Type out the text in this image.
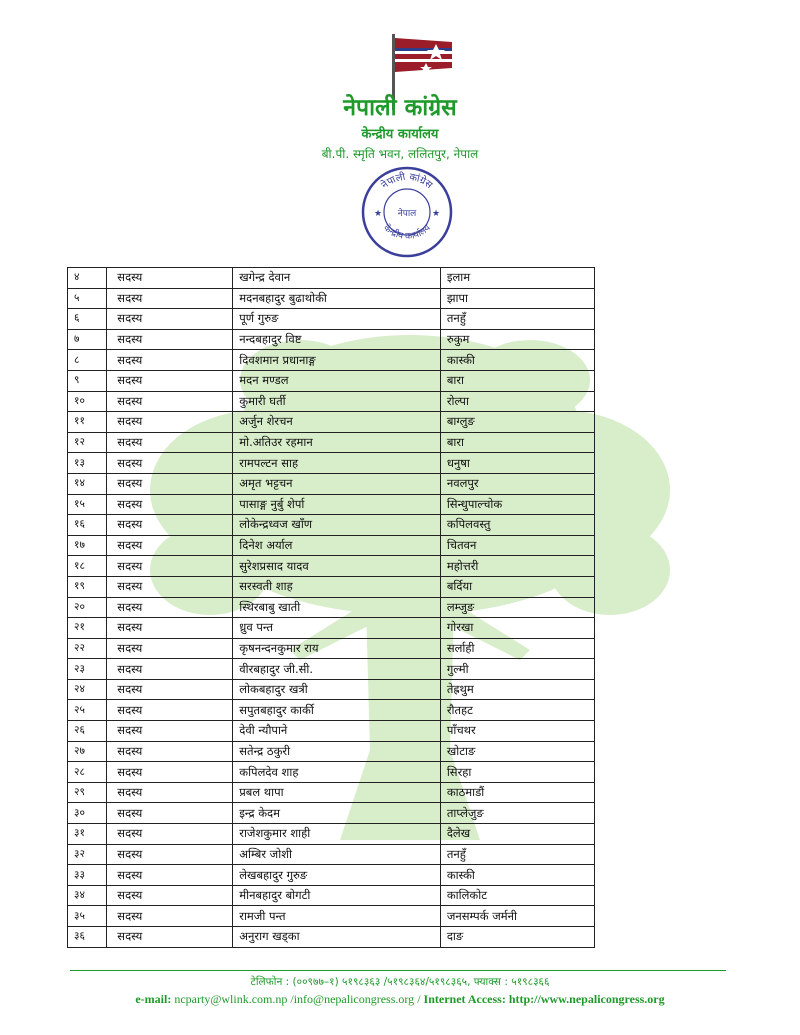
नेपाली कांग्रेस
केन्द्रीय कार्यालय
बी.पी. स्मृति भवन, ललितपुर, नेपाल
नेपाली कांग्रेस
केन्द्रीय कार्यालय
नेपाल
★	★
४	सदस्य	खगेन्द्र देवान	इलाम
५	सदस्य	मदनबहादुर बुढाथोकी	झापा
६	सदस्य	पूर्ण गुरुङ	तनहुँ
७	सदस्य	नन्दबहादुर विष्ट	रुकुम
८	सदस्य	दिवशमान प्रधानाङ्ग	कास्की
९	सदस्य	मदन मण्डल	बारा
१०	सदस्य	कुमारी घर्ती	रोल्पा
११	सदस्य	अर्जुन शेरचन	बाग्लुङ
१२	सदस्य	मो.अतिउर रहमान	बारा
१३	सदस्य	रामपल्टन साह	धनुषा
१४	सदस्य	अमृत भट्टचन	नवलपुर
१५	सदस्य	पासाङ्ग नुर्बु शेर्पा	सिन्धुपाल्चोक
१६	सदस्य	लोकेन्द्रध्वज खाँण	कपिलवस्तु
१७	सदस्य	दिनेश अर्याल	चितवन
१८	सदस्य	सुरेशप्रसाद यादव	महोत्तरी
१९	सदस्य	सरस्वती शाह	बर्दिया
२०	सदस्य	स्थिरबाबु खाती	लम्जुङ
२१	सदस्य	ध्रुव पन्त	गोरखा
२२	सदस्य	कृषनन्दनकुमार राय	सर्लाही
२३	सदस्य	वीरबहादुर जी.सी.	गुल्मी
२४	सदस्य	लोकबहादुर खत्री	तेह्रथुम
२५	सदस्य	सपुतबहादुर कार्की	रौतहट
२६	सदस्य	देवी न्यौपाने	पाँचथर
२७	सदस्य	सतेन्द्र ठकुरी	खोटाङ
२८	सदस्य	कपिलदेव शाह	सिरहा
२९	सदस्य	प्रबल थापा	काठमाडौं
३०	सदस्य	इन्द्र केदम	ताप्लेजुङ
३१	सदस्य	राजेशकुमार शाही	दैलेख
३२	सदस्य	अम्बिर जोशी	तनहुँ
३३	सदस्य	लेखबहादुर गुरुङ	कास्की
३४	सदस्य	मीनबहादुर बोगटी	कालिकोट
३५	सदस्य	रामजी पन्त	जनसम्पर्क जर्मनी
३६	सदस्य	अनुराग खड्का	दाङ
टेलिफोन : (००९७७–१) ५१९८३६३ /५१९८३६४/५१९८३६५, फ्याक्स : ५१९८३६६
e-mail: ncparty@wlink.com.np /info@nepalicongress.org / Internet Access: http://www.nepalicongress.org
